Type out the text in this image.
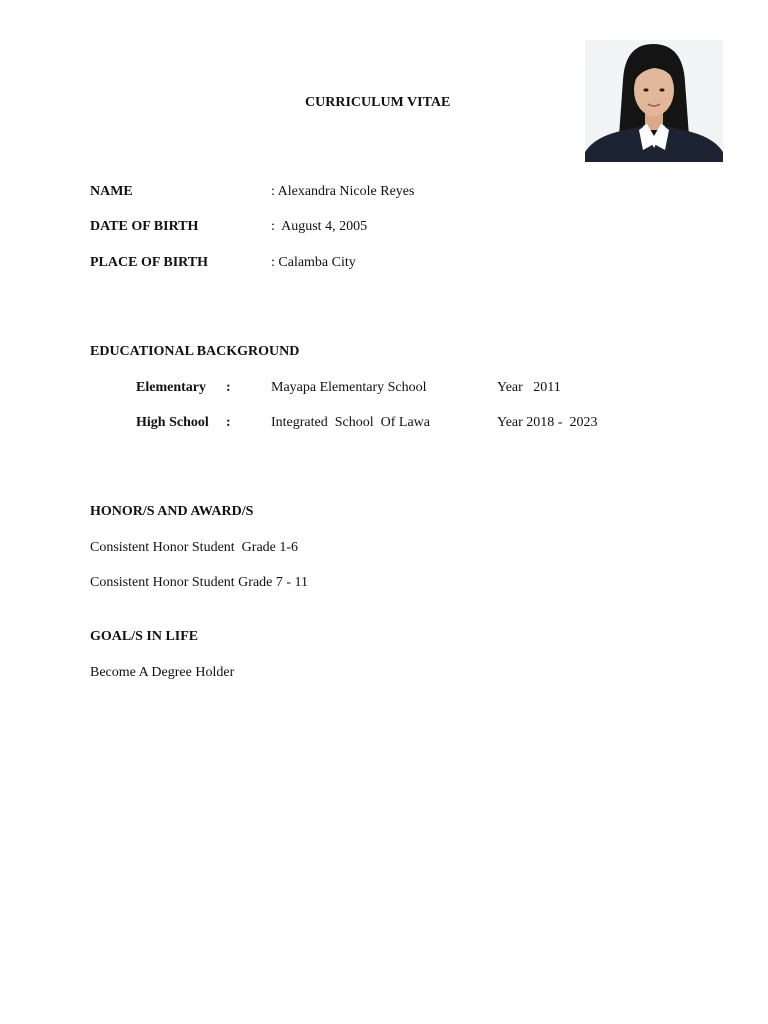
CURRICULUM VITAE
NAME	: Alexandra Nicole Reyes
DATE OF BIRTH	:  August 4, 2005
PLACE OF BIRTH	: Calamba City
EDUCATIONAL BACKGROUND
Elementary :	Mayapa Elementary School	Year   2011
High School :	Integrated  School  Of Lawa	Year 2018 -  2023
HONOR/S AND AWARD/S
Consistent Honor Student  Grade 1-6
Consistent Honor Student Grade 7 - 11
GOAL/S IN LIFE
Become A Degree Holder
